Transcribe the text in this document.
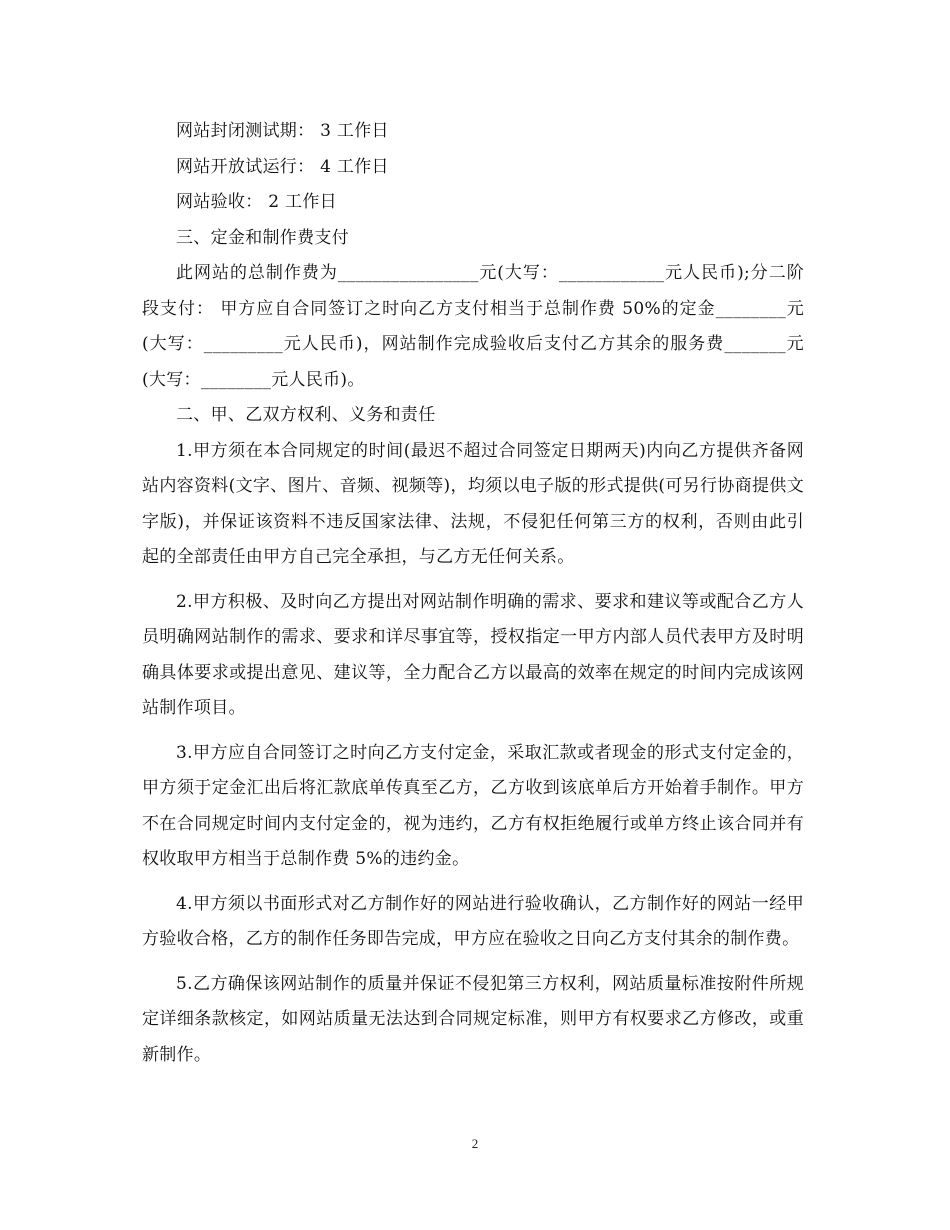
网站封闭测试期： 3 工作日

网站开放试运行： 4 工作日

网站验收： 2 工作日

三、定金和制作费支付

此网站的总制作费为________________元(大写：____________元人民币);分二阶段支付： 甲方应自合同签订之时向乙方支付相当于总制作费 50%的定金________元(大写：_________元人民币)，网站制作完成验收后支付乙方其余的服务费_______元(大写：________元人民币)。

二、甲、乙双方权利、义务和责任

1.甲方须在本合同规定的时间(最迟不超过合同签定日期两天)内向乙方提供齐备网站内容资料(文字、图片、音频、视频等)，均须以电子版的形式提供(可另行协商提供文字版)，并保证该资料不违反国家法律、法规，不侵犯任何第三方的权利，否则由此引起的全部责任由甲方自己完全承担，与乙方无任何关系。

2.甲方积极、及时向乙方提出对网站制作明确的需求、要求和建议等或配合乙方人员明确网站制作的需求、要求和详尽事宜等，授权指定一甲方内部人员代表甲方及时明确具体要求或提出意见、建议等，全力配合乙方以最高的效率在规定的时间内完成该网站制作项目。

3.甲方应自合同签订之时向乙方支付定金，采取汇款或者现金的形式支付定金的，甲方须于定金汇出后将汇款底单传真至乙方，乙方收到该底单后方开始着手制作。甲方不在合同规定时间内支付定金的，视为违约，乙方有权拒绝履行或单方终止该合同并有权收取甲方相当于总制作费 5%的违约金。

4.甲方须以书面形式对乙方制作好的网站进行验收确认，乙方制作好的网站一经甲方验收合格，乙方的制作任务即告完成，甲方应在验收之日向乙方支付其余的制作费。

5.乙方确保该网站制作的质量并保证不侵犯第三方权利，网站质量标准按附件所规定详细条款核定，如网站质量无法达到合同规定标准，则甲方有权要求乙方修改，或重新制作。

2
